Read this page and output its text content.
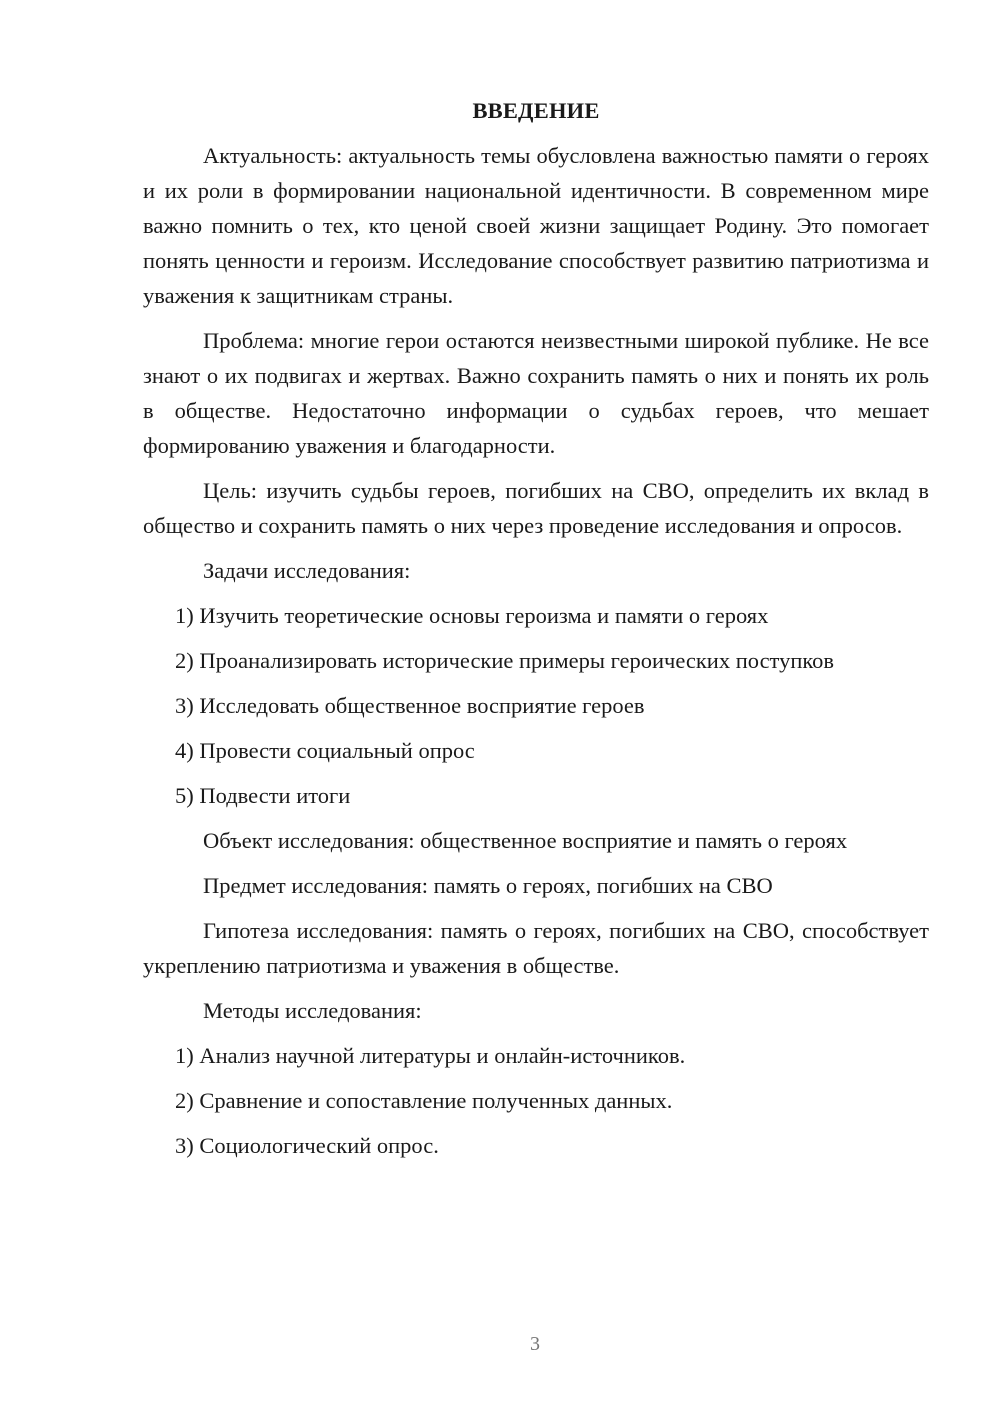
ВВЕДЕНИЕ

Актуальность: актуальность темы обусловлена важностью памяти о героях и их роли в формировании национальной идентичности. В современном мире важно помнить о тех, кто ценой своей жизни защищает Родину. Это помогает понять ценности и героизм. Исследование способствует развитию патриотизма и уважения к защитникам страны.

Проблема: многие герои остаются неизвестными широкой публике. Не все знают о их подвигах и жертвах. Важно сохранить память о них и понять их роль в обществе. Недостаточно информации о судьбах героев, что мешает формированию уважения и благодарности.

Цель: изучить судьбы героев, погибших на СВО, определить их вклад в общество и сохранить память о них через проведение исследования и опросов.

Задачи исследования:

1) Изучить теоретические основы героизма и памяти о героях
2) Проанализировать исторические примеры героических поступков
3) Исследовать общественное восприятие героев
4) Провести социальный опрос
5) Подвести итоги

Объект исследования: общественное восприятие и память о героях

Предмет исследования: память о героях, погибших на СВО

Гипотеза исследования: память о героях, погибших на СВО, способствует укреплению патриотизма и уважения в обществе.

Методы исследования:

1) Анализ научной литературы и онлайн-источников.
2) Сравнение и сопоставление полученных данных.
3) Социологический опрос.
3
